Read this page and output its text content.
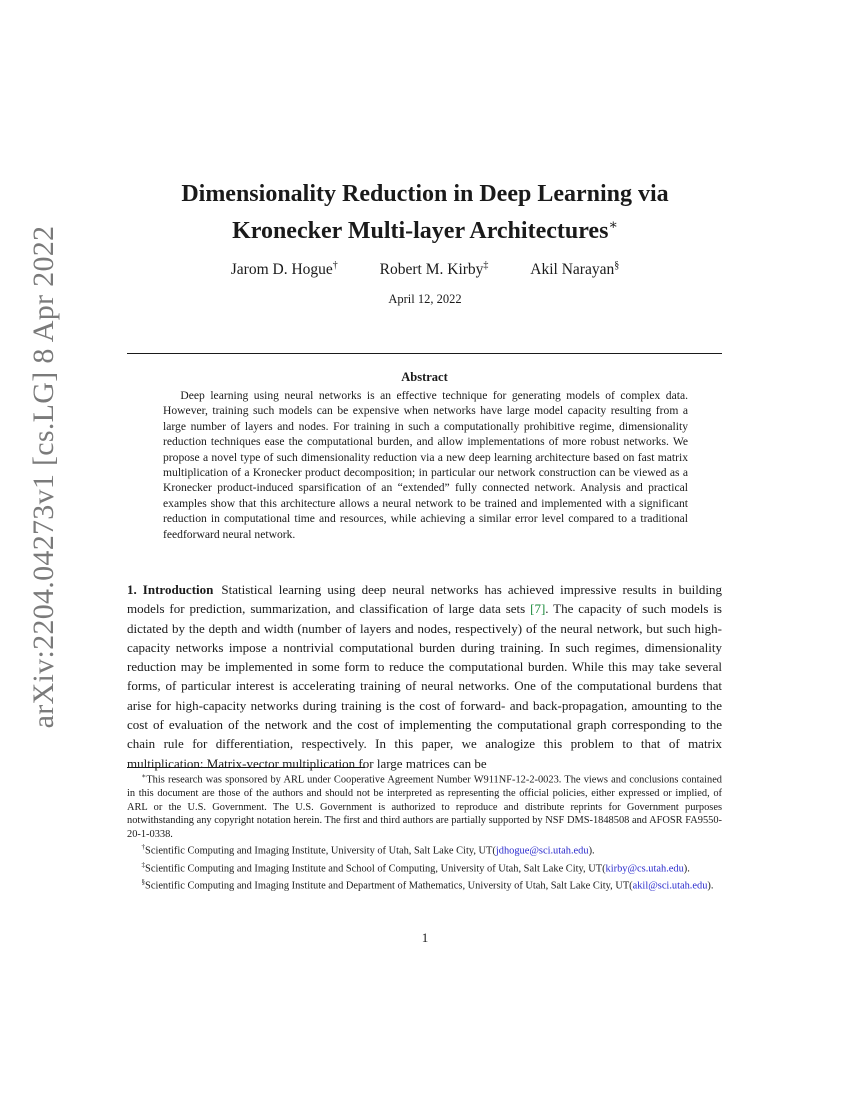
arXiv:2204.04273v1 [cs.LG] 8 Apr 2022
Dimensionality Reduction in Deep Learning via
Kronecker Multi-layer Architectures∗
Jarom D. Hogue†	Robert M. Kirby‡	Akil Narayan§
April 12, 2022
Abstract

Deep learning using neural networks is an effective technique for generating models of complex data. However, training such models can be expensive when networks have large model capacity resulting from a large number of layers and nodes. For training in such a computationally prohibitive regime, dimensionality reduction techniques ease the computational burden, and allow implementations of more robust networks. We propose a novel type of such dimensionality reduction via a new deep learning architecture based on fast matrix multiplication of a Kronecker product decomposition; in particular our network construction can be viewed as a Kronecker product-induced sparsification of an “extended” fully connected network. Analysis and practical examples show that this architecture allows a neural network to be trained and implemented with a significant reduction in computational time and resources, while achieving a similar error level compared to a traditional feedforward neural network.

1. Introduction Statistical learning using deep neural networks has achieved impressive results in building models for prediction, summarization, and classification of large data sets [7]. The capacity of such models is dictated by the depth and width (number of layers and nodes, respectively) of the neural network, but such high-capacity networks impose a nontrivial computational burden during training. In such regimes, dimensionality reduction may be implemented in some form to reduce the computational burden. While this may take several forms, of particular interest is accelerating training of neural networks. One of the computational burdens that arise for high-capacity networks during training is the cost of forward- and back-propagation, amounting to the cost of evaluation of the network and the cost of implementing the computational graph corresponding to the chain rule for differentiation, respectively. In this paper, we analogize this problem to that of matrix multiplication: Matrix-vector multiplication for large matrices can be

∗This research was sponsored by ARL under Cooperative Agreement Number W911NF-12-2-0023. The views and conclusions contained in this document are those of the authors and should not be interpreted as representing the official policies, either expressed or implied, of ARL or the U.S. Government. The U.S. Government is authorized to reproduce and distribute reprints for Government purposes notwithstanding any copyright notation herein. The first and third authors are partially supported by NSF DMS-1848508 and AFOSR FA9550-20-1-0338.

†Scientific Computing and Imaging Institute, University of Utah, Salt Lake City, UT(jdhogue@sci.utah.edu).

‡Scientific Computing and Imaging Institute and School of Computing, University of Utah, Salt Lake City, UT(kirby@cs.utah.edu).

§Scientific Computing and Imaging Institute and Department of Mathematics, University of Utah, Salt Lake City, UT(akil@sci.utah.edu).

1
